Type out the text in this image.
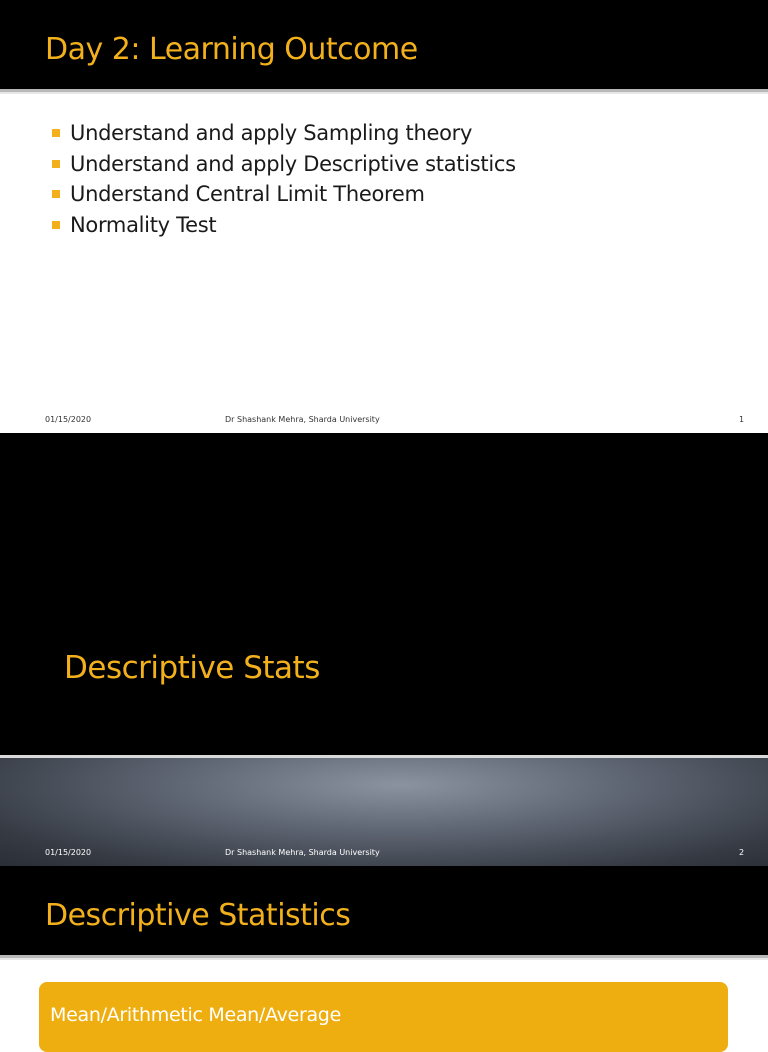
Day 2: Learning Outcome
Understand and apply Sampling theory
Understand and apply Descriptive statistics
Understand Central Limit Theorem
Normality Test
01/15/2020	Dr Shashank Mehra, Sharda University	1
Descriptive Stats
01/15/2020	Dr Shashank Mehra, Sharda University	2
Descriptive Statistics
Mean/Arithmetic Mean/Average
